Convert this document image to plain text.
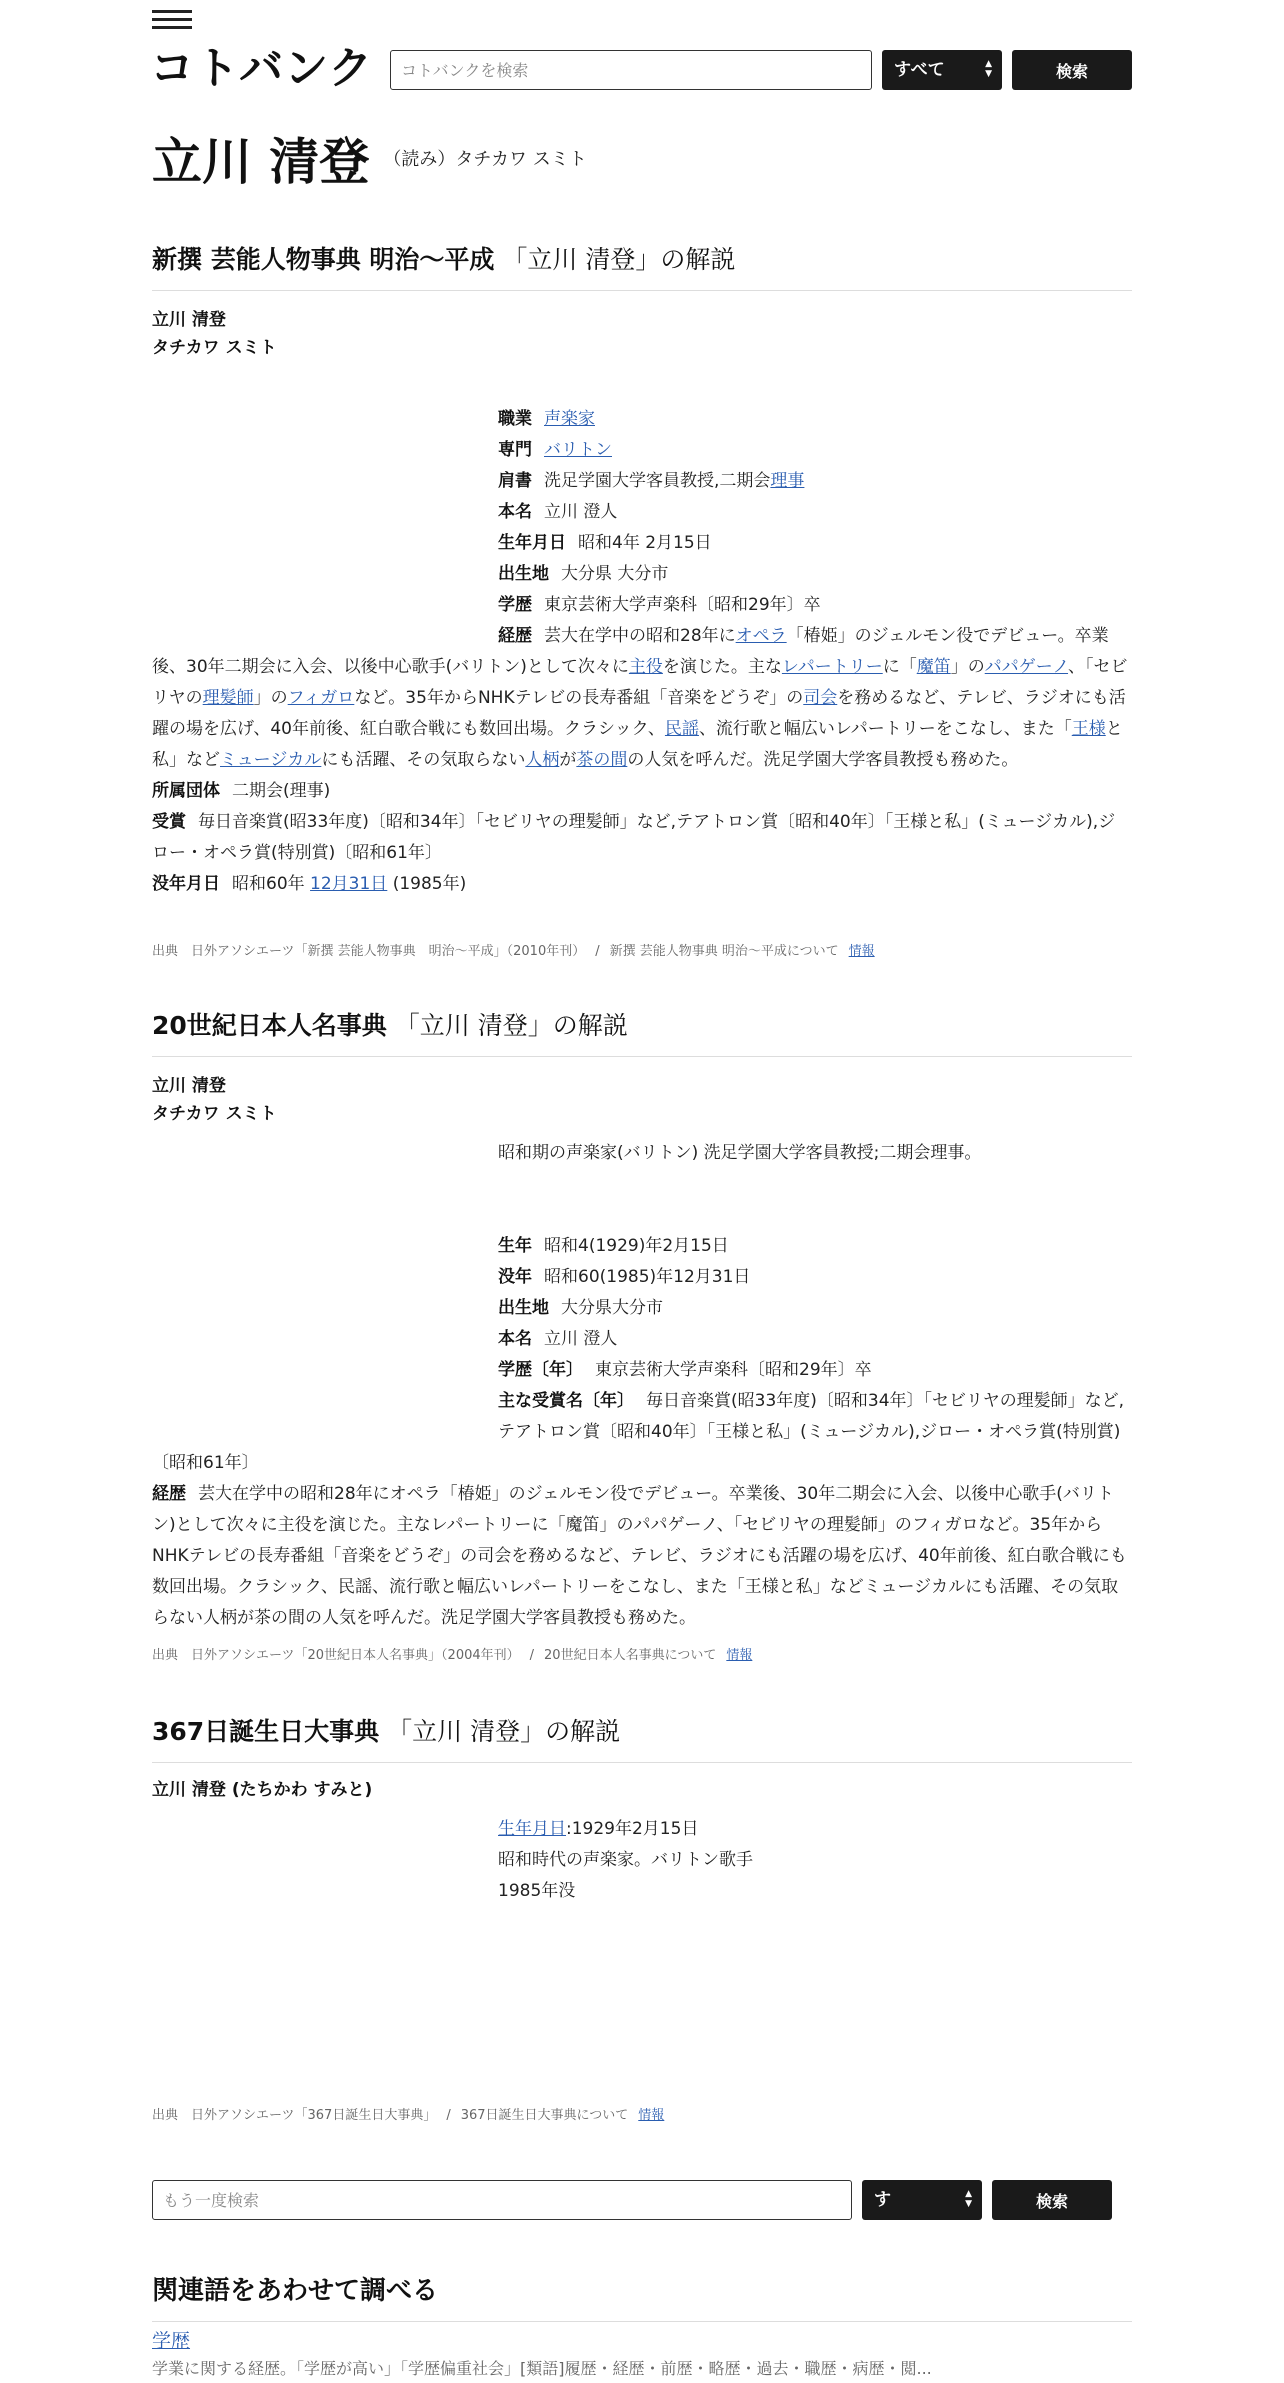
コトバンク
コトバンクを検索	すべて	▲
▼	検索
立川 清登 （読み）タチカワ スミト
新撰 芸能人物事典 明治～平成 「立川 清登」の解説
立川 清登
タチカワ スミト
職業 声楽家
専門 バリトン
肩書 洗足学園大学客員教授,二期会理事
本名 立川 澄人
生年月日 昭和4年 2月15日
出生地 大分県 大分市
学歴 東京芸術大学声楽科〔昭和29年〕卒
経歴 芸大在学中の昭和28年にオペラ「椿姫」のジェルモン役でデビュー。卒業後、30年二期会に入会、以後中心歌手(バリトン)として次々に主役を演じた。主なレパートリーに「魔笛」のパパゲーノ、「セビリヤの理髪師」のフィガロなど。35年からNHKテレビの長寿番組「音楽をどうぞ」の司会を務めるなど、テレビ、ラジオにも活躍の場を広げ、40年前後、紅白歌合戦にも数回出場。クラシック、民謡、流行歌と幅広いレパートリーをこなし、また「王様と私」などミュージカルにも活躍、その気取らない人柄が茶の間の人気を呼んだ。洗足学園大学客員教授も務めた。
所属団体 二期会(理事)
受賞 毎日音楽賞(昭33年度)〔昭和34年〕「セビリヤの理髪師」など,テアトロン賞〔昭和40年〕「王様と私」(ミュージカル),ジロー・オペラ賞(特別賞)〔昭和61年〕
没年月日 昭和60年 12月31日 (1985年)
出典　 日外アソシエーツ「新撰 芸能人物事典　明治～平成」（2010年刊） / 新撰 芸能人物事典 明治～平成について 情報
20世紀日本人名事典 「立川 清登」の解説
立川 清登
タチカワ スミト
昭和期の声楽家(バリトン) 洗足学園大学客員教授;二期会理事。
生年 昭和4(1929)年2月15日
没年 昭和60(1985)年12月31日
出生地 大分県大分市
本名 立川 澄人
学歴〔年〕 東京芸術大学声楽科〔昭和29年〕卒
主な受賞名〔年〕 毎日音楽賞(昭33年度)〔昭和34年〕「セビリヤの理髪師」など,テアトロン賞〔昭和40年〕「王様と私」(ミュージカル),ジロー・オペラ賞(特別賞)〔昭和61年〕
経歴 芸大在学中の昭和28年にオペラ「椿姫」のジェルモン役でデビュー。卒業後、30年二期会に入会、以後中心歌手(バリトン)として次々に主役を演じた。主なレパートリーに「魔笛」のパパゲーノ、「セビリヤの理髪師」のフィガロなど。35年からNHKテレビの長寿番組「音楽をどうぞ」の司会を務めるなど、テレビ、ラジオにも活躍の場を広げ、40年前後、紅白歌合戦にも数回出場。クラシック、民謡、流行歌と幅広いレパートリーをこなし、また「王様と私」などミュージカルにも活躍、その気取らない人柄が茶の間の人気を呼んだ。洗足学園大学客員教授も務めた。
出典　 日外アソシエーツ「20世紀日本人名事典」（2004年刊） / 20世紀日本人名事典について 情報
367日誕生日大事典 「立川 清登」の解説
立川 清登 (たちかわ すみと)
生年月日:1929年2月15日
昭和時代の声楽家。バリトン歌手
1985年没
出典　 日外アソシエーツ「367日誕生日大事典」 / 367日誕生日大事典について 情報
もう一度検索
す	▲
▼	検索
関連語をあわせて調べる
学歴
学業に関する経歴。「学歴が高い」「学歴偏重社会」[類語]履歴・経歴・前歴・略歴・過去・職歴・病歴・閲...
